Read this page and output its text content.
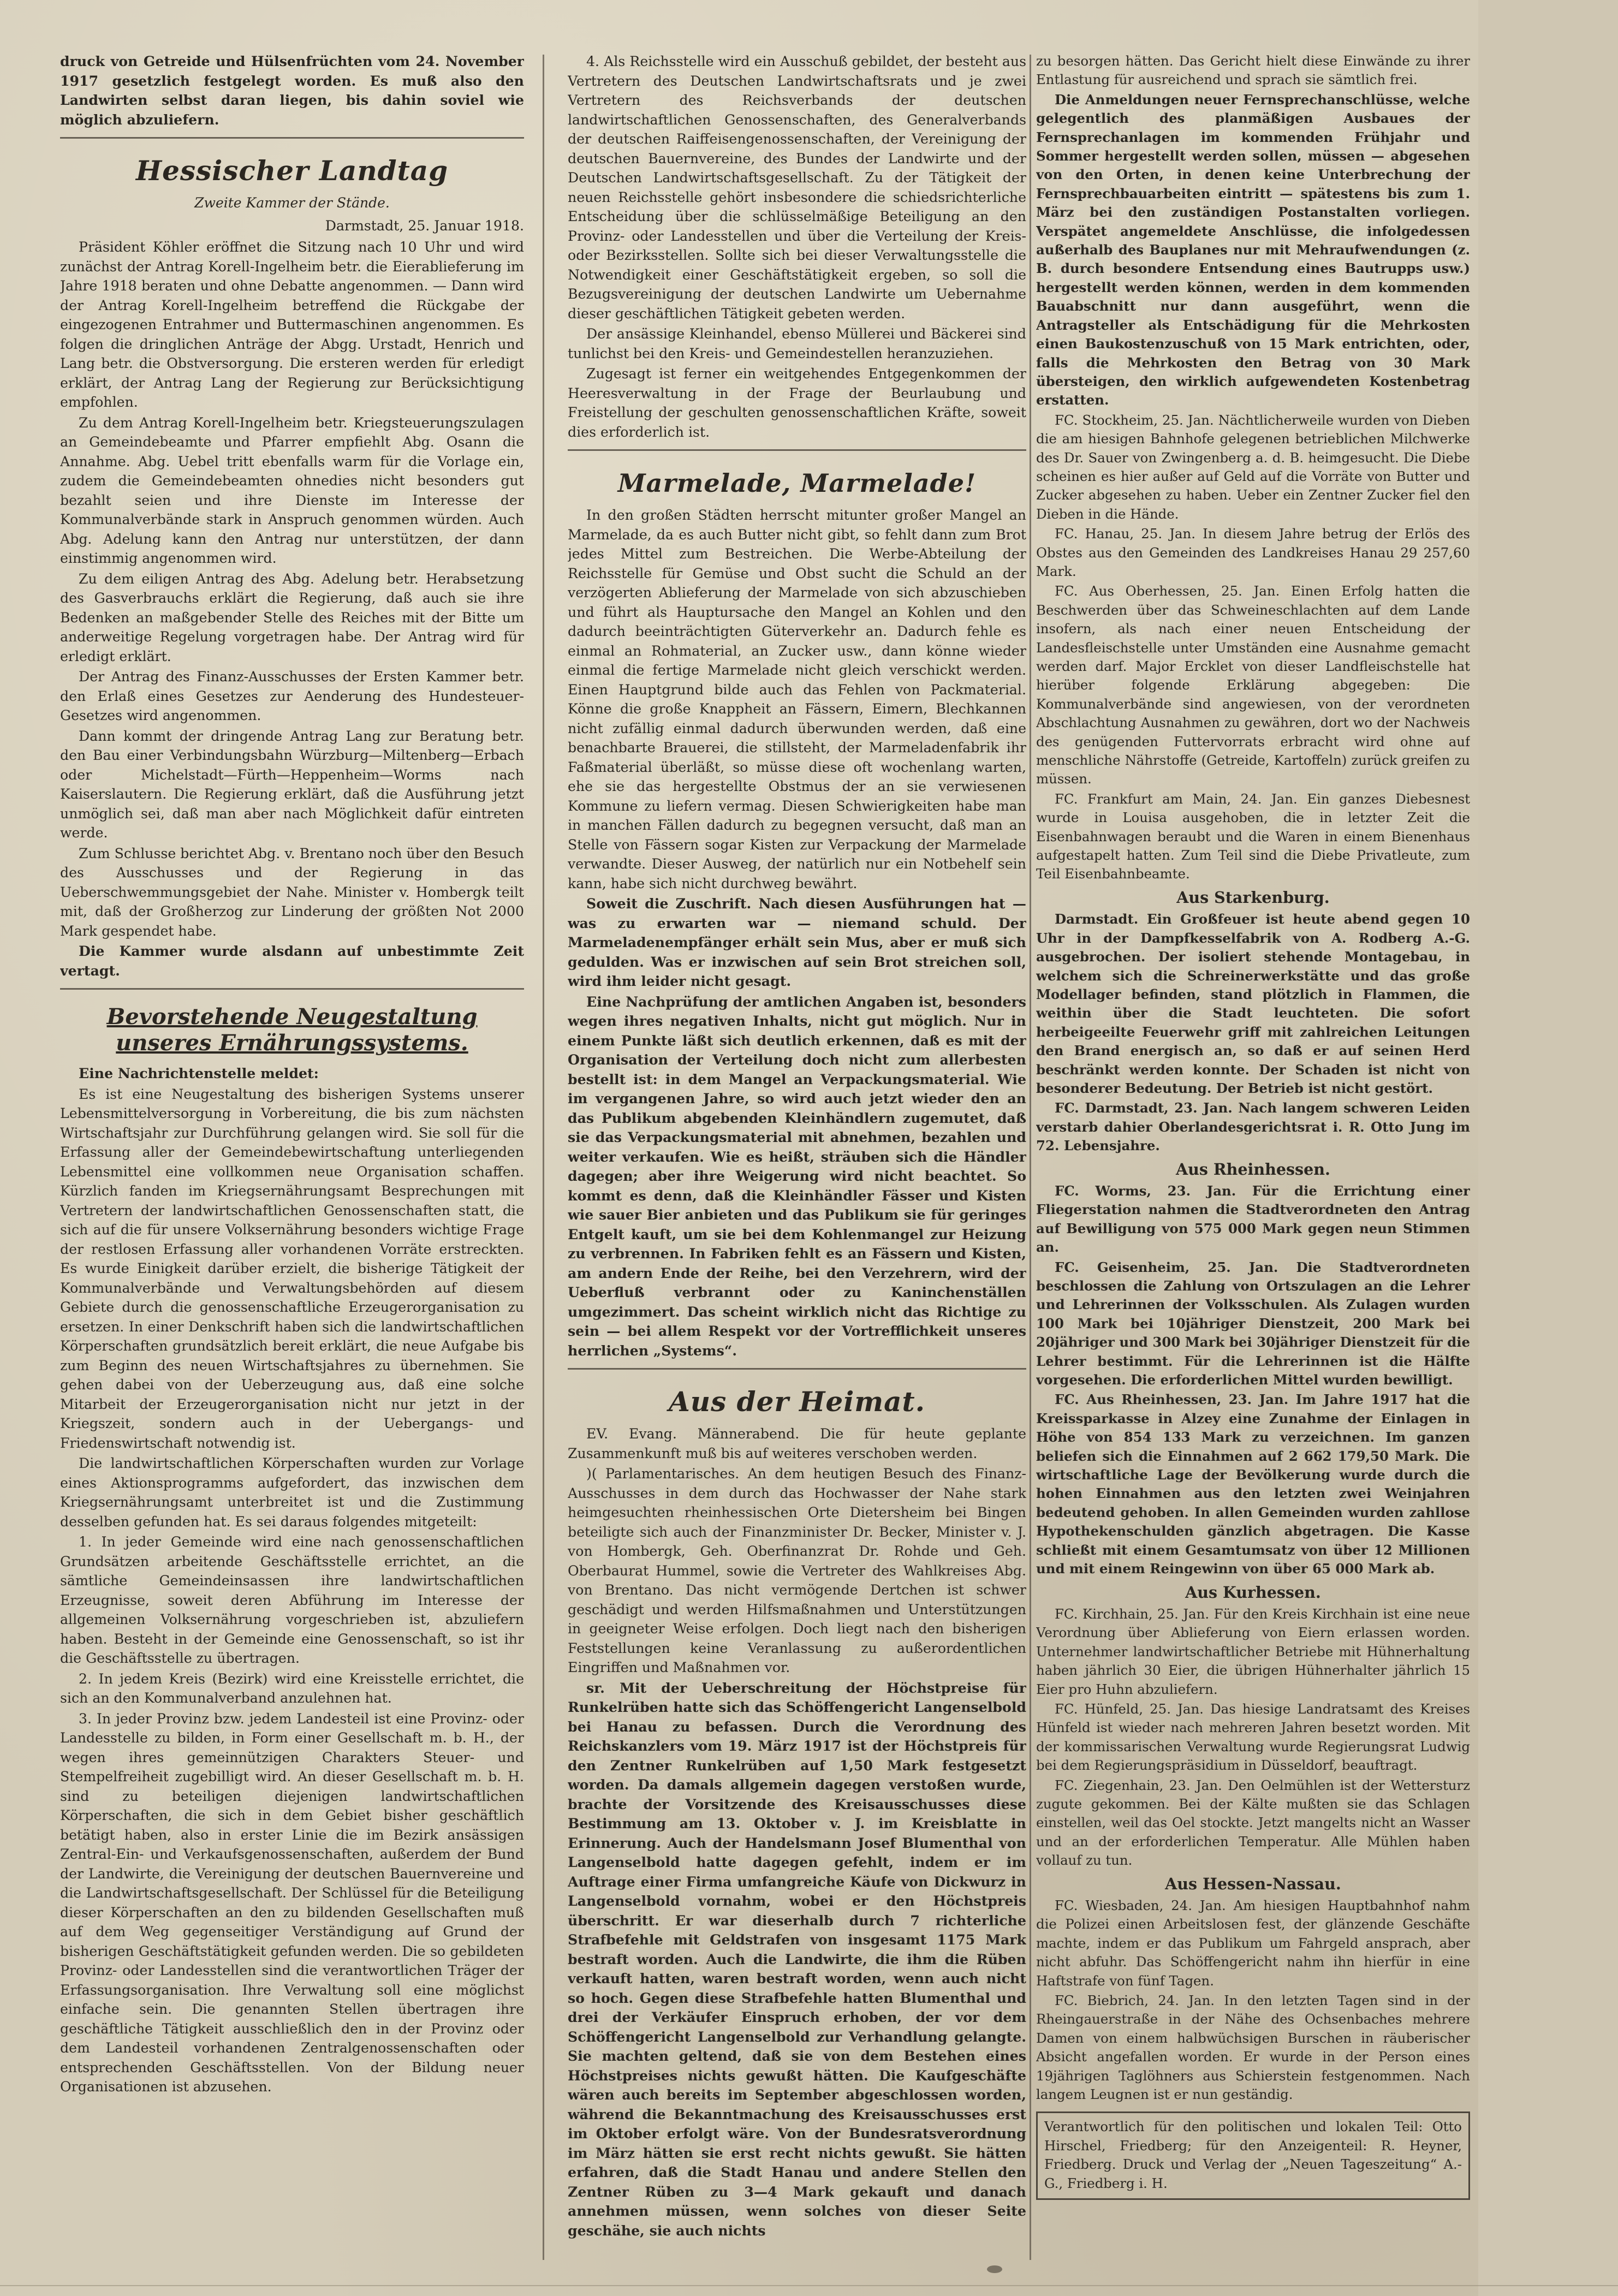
druck von Getreide und Hülsenfrüchten vom 24. November 1917 gesetzlich festgelegt worden. Es muß also den Landwirten selbst daran liegen, bis dahin soviel wie möglich abzuliefern.

Hessischer Landtag
Zweite Kammer der Stände.
Darmstadt, 25. Januar 1918.

Präsident Köhler eröffnet die Sitzung nach 10 Uhr und wird zunächst der Antrag Korell-Ingelheim betr. die Eierablieferung im Jahre 1918 beraten und ohne Debatte angenommen. — Dann wird der Antrag Korell-Ingelheim betreffend die Rückgabe der eingezogenen Entrahmer und Buttermaschinen angenommen. Es folgen die dringlichen Anträge der Abgg. Urstadt, Henrich und Lang betr. die Obstversorgung. Die ersteren werden für erledigt erklärt, der Antrag Lang der Regierung zur Berücksichtigung empfohlen.

Zu dem Antrag Korell-Ingelheim betr. Kriegsteuerungszulagen an Gemeindebeamte und Pfarrer empfiehlt Abg. Osann die Annahme. Abg. Uebel tritt ebenfalls warm für die Vorlage ein, zudem die Gemeindebeamten ohnedies nicht besonders gut bezahlt seien und ihre Dienste im Interesse der Kommunalverbände stark in Anspruch genommen würden. Auch Abg. Adelung kann den Antrag nur unterstützen, der dann einstimmig angenommen wird.

Zu dem eiligen Antrag des Abg. Adelung betr. Herabsetzung des Gasverbrauchs erklärt die Regierung, daß auch sie ihre Bedenken an maßgebender Stelle des Reiches mit der Bitte um anderweitige Regelung vorgetragen habe. Der Antrag wird für erledigt erklärt.

Der Antrag des Finanz-Ausschusses der Ersten Kammer betr. den Erlaß eines Gesetzes zur Aenderung des Hundesteuer-Gesetzes wird angenommen.

Dann kommt der dringende Antrag Lang zur Beratung betr. den Bau einer Verbindungsbahn Würzburg—Miltenberg—Erbach oder Michelstadt—Fürth—Heppenheim—Worms nach Kaiserslautern. Die Regierung erklärt, daß die Ausführung jetzt unmöglich sei, daß man aber nach Möglichkeit dafür eintreten werde.

Zum Schlusse berichtet Abg. v. Brentano noch über den Besuch des Ausschusses und der Regierung in das Ueberschwemmungsgebiet der Nahe. Minister v. Hombergk teilt mit, daß der Großherzog zur Linderung der größten Not 2000 Mark gespendet habe.

Die Kammer wurde alsdann auf unbestimmte Zeit vertagt.

Bevorstehende Neugestaltung unseres Ernährungssystems.

Eine Nachrichtenstelle meldet:

Es ist eine Neugestaltung des bisherigen Systems unserer Lebensmittelversorgung in Vorbereitung, die bis zum nächsten Wirtschaftsjahr zur Durchführung gelangen wird. Sie soll für die Erfassung aller der Gemeindebewirtschaftung unterliegenden Lebensmittel eine vollkommen neue Organisation schaffen. Kürzlich fanden im Kriegsernährungsamt Besprechungen mit Vertretern der landwirtschaftlichen Genossenschaften statt, die sich auf die für unsere Volksernährung besonders wichtige Frage der restlosen Erfassung aller vorhandenen Vorräte erstreckten. Es wurde Einigkeit darüber erzielt, die bisherige Tätigkeit der Kommunalverbände und Verwaltungsbehörden auf diesem Gebiete durch die genossenschaftliche Erzeugerorganisation zu ersetzen. In einer Denkschrift haben sich die landwirtschaftlichen Körperschaften grundsätzlich bereit erklärt, die neue Aufgabe bis zum Beginn des neuen Wirtschaftsjahres zu übernehmen. Sie gehen dabei von der Ueberzeugung aus, daß eine solche Mitarbeit der Erzeugerorganisation nicht nur jetzt in der Kriegszeit, sondern auch in der Uebergangs- und Friedenswirtschaft notwendig ist.

Die landwirtschaftlichen Körperschaften wurden zur Vorlage eines Aktionsprogramms aufgefordert, das inzwischen dem Kriegsernährungsamt unterbreitet ist und die Zustimmung desselben gefunden hat. Es sei daraus folgendes mitgeteilt:

1. In jeder Gemeinde wird eine nach genossenschaftlichen Grundsätzen arbeitende Geschäftsstelle errichtet, an die sämtliche Gemeindeinsassen ihre landwirtschaftlichen Erzeugnisse, soweit deren Abführung im Interesse der allgemeinen Volksernährung vorgeschrieben ist, abzuliefern haben. Besteht in der Gemeinde eine Genossenschaft, so ist ihr die Geschäftsstelle zu übertragen.

2. In jedem Kreis (Bezirk) wird eine Kreisstelle errichtet, die sich an den Kommunalverband anzulehnen hat.

3. In jeder Provinz bzw. jedem Landesteil ist eine Provinz- oder Landesstelle zu bilden, in Form einer Gesellschaft m. b. H., der wegen ihres gemeinnützigen Charakters Steuer- und Stempelfreiheit zugebilligt wird. An dieser Gesellschaft m. b. H. sind zu beteiligen diejenigen landwirtschaftlichen Körperschaften, die sich in dem Gebiet bisher geschäftlich betätigt haben, also in erster Linie die im Bezirk ansässigen Zentral-Ein- und Verkaufsgenossenschaften, außerdem der Bund der Landwirte, die Vereinigung der deutschen Bauernvereine und die Landwirtschaftsgesellschaft. Der Schlüssel für die Beteiligung dieser Körperschaften an den zu bildenden Gesellschaften muß auf dem Weg gegenseitiger Verständigung auf Grund der bisherigen Geschäftstätigkeit gefunden werden. Die so gebildeten Provinz- oder Landesstellen sind die verantwortlichen Träger der Erfassungsorganisation. Ihre Verwaltung soll eine möglichst einfache sein. Die genannten Stellen übertragen ihre geschäftliche Tätigkeit ausschließlich den in der Provinz oder dem Landesteil vorhandenen Zentralgenossenschaften oder entsprechenden Geschäftsstellen. Von der Bildung neuer Organisationen ist abzusehen.

4. Als Reichsstelle wird ein Ausschuß gebildet, der besteht aus Vertretern des Deutschen Landwirtschaftsrats und je zwei Vertretern des Reichsverbands der deutschen landwirtschaftlichen Genossenschaften, des Generalverbands der deutschen Raiffeisengenossenschaften, der Vereinigung der deutschen Bauernvereine, des Bundes der Landwirte und der Deutschen Landwirtschaftsgesellschaft. Zu der Tätigkeit der neuen Reichsstelle gehört insbesondere die schiedsrichterliche Entscheidung über die schlüsselmäßige Beteiligung an den Provinz- oder Landesstellen und über die Verteilung der Kreis- oder Bezirksstellen. Sollte sich bei dieser Verwaltungsstelle die Notwendigkeit einer Geschäftstätigkeit ergeben, so soll die Bezugsvereinigung der deutschen Landwirte um Uebernahme dieser geschäftlichen Tätigkeit gebeten werden.

Der ansässige Kleinhandel, ebenso Müllerei und Bäckerei sind tunlichst bei den Kreis- und Gemeindestellen heranzuziehen.

Zugesagt ist ferner ein weitgehendes Entgegenkommen der Heeresverwaltung in der Frage der Beurlaubung und Freistellung der geschulten genossenschaftlichen Kräfte, soweit dies erforderlich ist.

Marmelade, Marmelade!

In den großen Städten herrscht mitunter großer Mangel an Marmelade, da es auch Butter nicht gibt, so fehlt dann zum Brot jedes Mittel zum Bestreichen. Die Werbe-Abteilung der Reichsstelle für Gemüse und Obst sucht die Schuld an der verzögerten Ablieferung der Marmelade von sich abzuschieben und führt als Hauptursache den Mangel an Kohlen und den dadurch beeinträchtigten Güterverkehr an. Dadurch fehle es einmal an Rohmaterial, an Zucker usw., dann könne wieder einmal die fertige Marmelade nicht gleich verschickt werden. Einen Hauptgrund bilde auch das Fehlen von Packmaterial. Könne die große Knappheit an Fässern, Eimern, Blechkannen nicht zufällig einmal dadurch überwunden werden, daß eine benachbarte Brauerei, die stillsteht, der Marmeladenfabrik ihr Faßmaterial überläßt, so müsse diese oft wochenlang warten, ehe sie das hergestellte Obstmus der an sie verwiesenen Kommune zu liefern vermag. Diesen Schwierigkeiten habe man in manchen Fällen dadurch zu begegnen versucht, daß man an Stelle von Fässern sogar Kisten zur Verpackung der Marmelade verwandte. Dieser Ausweg, der natürlich nur ein Notbehelf sein kann, habe sich nicht durchweg bewährt.

Soweit die Zuschrift. Nach diesen Ausführungen hat — was zu erwarten war — niemand schuld. Der Marmeladenempfänger erhält sein Mus, aber er muß sich gedulden. Was er inzwischen auf sein Brot streichen soll, wird ihm leider nicht gesagt.

Eine Nachprüfung der amtlichen Angaben ist, besonders wegen ihres negativen Inhalts, nicht gut möglich. Nur in einem Punkte läßt sich deutlich erkennen, daß es mit der Organisation der Verteilung doch nicht zum allerbesten bestellt ist: in dem Mangel an Verpackungsmaterial. Wie im vergangenen Jahre, so wird auch jetzt wieder den an das Publikum abgebenden Kleinhändlern zugemutet, daß sie das Verpackungsmaterial mit abnehmen, bezahlen und weiter verkaufen. Wie es heißt, sträuben sich die Händler dagegen; aber ihre Weigerung wird nicht beachtet. So kommt es denn, daß die Kleinhändler Fässer und Kisten wie sauer Bier anbieten und das Publikum sie für geringes Entgelt kauft, um sie bei dem Kohlenmangel zur Heizung zu verbrennen. In Fabriken fehlt es an Fässern und Kisten, am andern Ende der Reihe, bei den Verzehrern, wird der Ueberfluß verbrannt oder zu Kaninchenställen umgezimmert. Das scheint wirklich nicht das Richtige zu sein — bei allem Respekt vor der Vortrefflichkeit unseres herrlichen „Systems“.

Aus der Heimat.

EV. Evang. Männerabend. Die für heute geplante Zusammenkunft muß bis auf weiteres verschoben werden.

)( Parlamentarisches. An dem heutigen Besuch des Finanz-Ausschusses in dem durch das Hochwasser der Nahe stark heimgesuchten rheinhessischen Orte Dietersheim bei Bingen beteiligte sich auch der Finanzminister Dr. Becker, Minister v. J. von Hombergk, Geh. Oberfinanzrat Dr. Rohde und Geh. Oberbaurat Hummel, sowie die Vertreter des Wahlkreises Abg. von Brentano. Das nicht vermögende Dertchen ist schwer geschädigt und werden Hilfsmaßnahmen und Unterstützungen in geeigneter Weise erfolgen. Doch liegt nach den bisherigen Feststellungen keine Veranlassung zu außerordentlichen Eingriffen und Maßnahmen vor.

sr. Mit der Ueberschreitung der Höchstpreise für Runkelrüben hatte sich das Schöffengericht Langenselbold bei Hanau zu befassen. Durch die Verordnung des Reichskanzlers vom 19. März 1917 ist der Höchstpreis für den Zentner Runkelrüben auf 1,50 Mark festgesetzt worden. Da damals allgemein dagegen verstoßen wurde, brachte der Vorsitzende des Kreisausschusses diese Bestimmung am 13. Oktober v. J. im Kreisblatte in Erinnerung. Auch der Handelsmann Josef Blumenthal von Langenselbold hatte dagegen gefehlt, indem er im Auftrage einer Firma umfangreiche Käufe von Dickwurz in Langenselbold vornahm, wobei er den Höchstpreis überschritt. Er war dieserhalb durch 7 richterliche Strafbefehle mit Geldstrafen von insgesamt 1175 Mark bestraft worden. Auch die Landwirte, die ihm die Rüben verkauft hatten, waren bestraft worden, wenn auch nicht so hoch. Gegen diese Strafbefehle hatten Blumenthal und drei der Verkäufer Einspruch erhoben, der vor dem Schöffengericht Langenselbold zur Verhandlung gelangte. Sie machten geltend, daß sie von dem Bestehen eines Höchstpreises nichts gewußt hätten. Die Kaufgeschäfte wären auch bereits im September abgeschlossen worden, während die Bekanntmachung des Kreisausschusses erst im Oktober erfolgt wäre. Von der Bundesratsverordnung im März hätten sie erst recht nichts gewußt. Sie hätten erfahren, daß die Stadt Hanau und andere Stellen den Zentner Rüben zu 3—4 Mark gekauft und danach annehmen müssen, wenn solches von dieser Seite geschähe, sie auch nichts

zu besorgen hätten. Das Gericht hielt diese Einwände zu ihrer Entlastung für ausreichend und sprach sie sämtlich frei.

Die Anmeldungen neuer Fernsprechanschlüsse, welche gelegentlich des planmäßigen Ausbaues der Fernsprechanlagen im kommenden Frühjahr und Sommer hergestellt werden sollen, müssen — abgesehen von den Orten, in denen keine Unterbrechung der Fernsprechbauarbeiten eintritt — spätestens bis zum 1. März bei den zuständigen Postanstalten vorliegen. Verspätet angemeldete Anschlüsse, die infolgedessen außerhalb des Bauplanes nur mit Mehraufwendungen (z. B. durch besondere Entsendung eines Bautrupps usw.) hergestellt werden können, werden in dem kommenden Bauabschnitt nur dann ausgeführt, wenn die Antragsteller als Entschädigung für die Mehrkosten einen Baukostenzuschuß von 15 Mark entrichten, oder, falls die Mehrkosten den Betrag von 30 Mark übersteigen, den wirklich aufgewendeten Kostenbetrag erstatten.

FC. Stockheim, 25. Jan. Nächtlicherweile wurden von Dieben die am hiesigen Bahnhofe gelegenen betrieblichen Milchwerke des Dr. Sauer von Zwingenberg a. d. B. heimgesucht. Die Diebe scheinen es hier außer auf Geld auf die Vorräte von Butter und Zucker abgesehen zu haben. Ueber ein Zentner Zucker fiel den Dieben in die Hände.

FC. Hanau, 25. Jan. In diesem Jahre betrug der Erlös des Obstes aus den Gemeinden des Landkreises Hanau 29 257,60 Mark.

FC. Aus Oberhessen, 25. Jan. Einen Erfolg hatten die Beschwerden über das Schweineschlachten auf dem Lande insofern, als nach einer neuen Entscheidung der Landesfleischstelle unter Umständen eine Ausnahme gemacht werden darf. Major Ercklet von dieser Landfleischstelle hat hierüber folgende Erklärung abgegeben: Die Kommunalverbände sind angewiesen, von der verordneten Abschlachtung Ausnahmen zu gewähren, dort wo der Nachweis des genügenden Futtervorrats erbracht wird ohne auf menschliche Nährstoffe (Getreide, Kartoffeln) zurück greifen zu müssen.

FC. Frankfurt am Main, 24. Jan. Ein ganzes Diebesnest wurde in Louisa ausgehoben, die in letzter Zeit die Eisenbahnwagen beraubt und die Waren in einem Bienenhaus aufgestapelt hatten. Zum Teil sind die Diebe Privatleute, zum Teil Eisenbahnbeamte.

Aus Starkenburg.

Darmstadt. Ein Großfeuer ist heute abend gegen 10 Uhr in der Dampfkesselfabrik von A. Rodberg A.-G. ausgebrochen. Der isoliert stehende Montagebau, in welchem sich die Schreinerwerkstätte und das große Modellager befinden, stand plötzlich in Flammen, die weithin über die Stadt leuchteten. Die sofort herbeigeeilte Feuerwehr griff mit zahlreichen Leitungen den Brand energisch an, so daß er auf seinen Herd beschränkt werden konnte. Der Schaden ist nicht von besonderer Bedeutung. Der Betrieb ist nicht gestört.

FC. Darmstadt, 23. Jan. Nach langem schweren Leiden verstarb dahier Oberlandesgerichtsrat i. R. Otto Jung im 72. Lebensjahre.

Aus Rheinhessen.

FC. Worms, 23. Jan. Für die Errichtung einer Fliegerstation nahmen die Stadtverordneten den Antrag auf Bewilligung von 575 000 Mark gegen neun Stimmen an.

FC. Geisenheim, 25. Jan. Die Stadtverordneten beschlossen die Zahlung von Ortszulagen an die Lehrer und Lehrerinnen der Volksschulen. Als Zulagen wurden 100 Mark bei 10jähriger Dienstzeit, 200 Mark bei 20jähriger und 300 Mark bei 30jähriger Dienstzeit für die Lehrer bestimmt. Für die Lehrerinnen ist die Hälfte vorgesehen. Die erforderlichen Mittel wurden bewilligt.

FC. Aus Rheinhessen, 23. Jan. Im Jahre 1917 hat die Kreissparkasse in Alzey eine Zunahme der Einlagen in Höhe von 854 133 Mark zu verzeichnen. Im ganzen beliefen sich die Einnahmen auf 2 662 179,50 Mark. Die wirtschaftliche Lage der Bevölkerung wurde durch die hohen Einnahmen aus den letzten zwei Weinjahren bedeutend gehoben. In allen Gemeinden wurden zahllose Hypothekenschulden gänzlich abgetragen. Die Kasse schließt mit einem Gesamtumsatz von über 12 Millionen und mit einem Reingewinn von über 65 000 Mark ab.

Aus Kurhessen.

FC. Kirchhain, 25. Jan. Für den Kreis Kirchhain ist eine neue Verordnung über Ablieferung von Eiern erlassen worden. Unternehmer landwirtschaftlicher Betriebe mit Hühnerhaltung haben jährlich 30 Eier, die übrigen Hühnerhalter jährlich 15 Eier pro Huhn abzuliefern.

FC. Hünfeld, 25. Jan. Das hiesige Landratsamt des Kreises Hünfeld ist wieder nach mehreren Jahren besetzt worden. Mit der kommissarischen Verwaltung wurde Regierungsrat Ludwig bei dem Regierungspräsidium in Düsseldorf, beauftragt.

FC. Ziegenhain, 23. Jan. Den Oelmühlen ist der Wettersturz zugute gekommen. Bei der Kälte mußten sie das Schlagen einstellen, weil das Oel stockte. Jetzt mangelts nicht an Wasser und an der erforderlichen Temperatur. Alle Mühlen haben vollauf zu tun.

Aus Hessen-Nassau.

FC. Wiesbaden, 24. Jan. Am hiesigen Hauptbahnhof nahm die Polizei einen Arbeitslosen fest, der glänzende Geschäfte machte, indem er das Publikum um Fahrgeld ansprach, aber nicht abfuhr. Das Schöffengericht nahm ihn hierfür in eine Haftstrafe von fünf Tagen.

FC. Biebrich, 24. Jan. In den letzten Tagen sind in der Rheingauerstraße in der Nähe des Ochsenbaches mehrere Damen von einem halbwüchsigen Burschen in räuberischer Absicht angefallen worden. Er wurde in der Person eines 19jährigen Taglöhners aus Schierstein festgenommen. Nach langem Leugnen ist er nun geständig.

Verantwortlich für den politischen und lokalen Teil: Otto Hirschel, Friedberg; für den Anzeigenteil: R. Heyner, Friedberg. Druck und Verlag der „Neuen Tageszeitung“ A.-G., Friedberg i. H.
